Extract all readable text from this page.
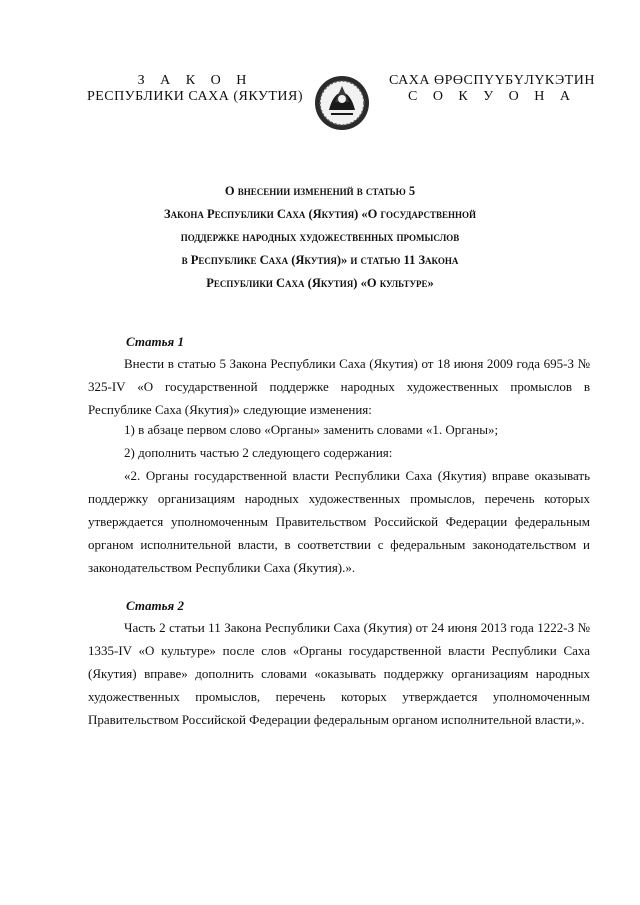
З А К О Н
РЕСПУБЛИКИ САХА (ЯКУТИЯ)
САХА ӨРӨСПYYБYЛYКЭТИН
С О К У О Н А
О внесении изменений в статью 5
Закона Республики Саха (Якутия) «О государственной
поддержке народных художественных промыслов
в Республике Саха (Якутия)» и статью 11 Закона
Республики Саха (Якутия) «О культуре»
Статья 1
Внести в статью 5 Закона Республики Саха (Якутия) от 18 июня 2009 года 695-З № 325-IV «О государственной поддержке народных художественных промыслов в Республике Саха (Якутия)» следующие изменения:
1) в абзаце первом слово «Органы» заменить словами «1. Органы»;
2) дополнить частью 2 следующего содержания:
«2. Органы государственной власти Республики Саха (Якутия) вправе оказывать поддержку организациям народных художественных промыслов, перечень которых утверждается уполномоченным Правительством Российской Федерации федеральным органом исполнительной власти, в соответствии с федеральным законодательством и законодательством Республики Саха (Якутия).».
Статья 2
Часть 2 статьи 11 Закона Республики Саха (Якутия) от 24 июня 2013 года 1222-З № 1335-IV «О культуре» после слов «Органы государственной власти Республики Саха (Якутия) вправе» дополнить словами «оказывать поддержку организациям народных художественных промыслов, перечень которых утверждается уполномоченным Правительством Российской Федерации федеральным органом исполнительной власти,».
